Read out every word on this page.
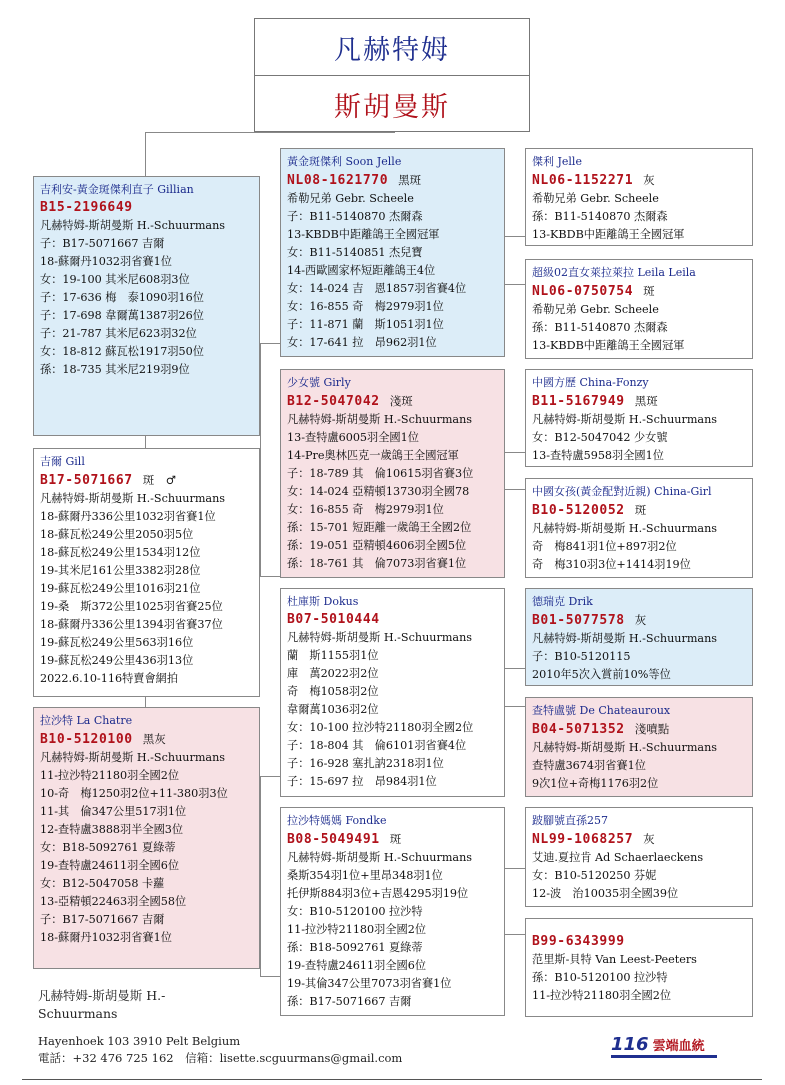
凡赫特姆
斯胡曼斯
吉利安-黃金斑傑利直子 Gillian
B15-2196649
凡赫特姆-斯胡曼斯 H.-Schuurmans
子：B17-5071667 吉爾
18-蘇爾丹1032羽省賽1位
女：19-100 其米尼608羽3位
子：17-636 梅　泰1090羽16位
子：17-698 韋爾萬1387羽26位
子：21-787 其米尼623羽32位
女：18-812 蘇瓦松1917羽50位
孫：18-735 其米尼219羽9位
吉爾 Gill
B17-5071667 斑　♂
凡赫特姆-斯胡曼斯 H.-Schuurmans
18-蘇爾丹336公里1032羽省賽1位
18-蘇瓦松249公里2050羽5位
18-蘇瓦松249公里1534羽12位
19-其米尼161公里3382羽28位
19-蘇瓦松249公里1016羽21位
19-桑　斯372公里1025羽省賽25位
18-蘇爾丹336公里1394羽省賽37位
19-蘇瓦松249公里563羽16位
19-蘇瓦松249公里436羽13位
2022.6.10-116特賣會網拍
拉沙特 La Chatre
B10-5120100 黑灰
凡赫特姆-斯胡曼斯 H.-Schuurmans
11-拉沙特21180羽全國2位
10-奇　梅1250羽2位+11-380羽3位
11-其　倫347公里517羽1位
12-查特盧3888羽半全國3位
女：B18-5092761 夏綠蒂
19-查特盧24611羽全國6位
女：B12-5047058 卡蘿
13-亞精頓22463羽全國58位
子：B17-5071667 吉爾
18-蘇爾丹1032羽省賽1位
黃金斑傑利 Soon Jelle
NL08-1621770 黑斑
希勒兄弟 Gebr. Scheele
子：B11-5140870 杰爾森
13-KBDB中距離鴿王全國冠軍
女：B11-5140851 杰兒寶
14-西歐國家杯短距離鴿王4位
女：14-024 吉　恩1857羽省賽4位
女：16-855 奇　梅2979羽1位
子：11-871 蘭　斯1051羽1位
女：17-641 拉　昂962羽1位
少女號 Girly
B12-5047042 淺斑
凡赫特姆-斯胡曼斯 H.-Schuurmans
13-查特盧6005羽全國1位
14-Pre奧林匹克一歲鴿王全國冠軍
子：18-789 其　倫10615羽省賽3位
女：14-024 亞精頓13730羽全國78
女：16-855 奇　梅2979羽1位
孫：15-701 短距離一歲鴿王全國2位
孫：19-051 亞精頓4606羽全國5位
孫：18-761 其　倫7073羽省賽1位
杜庫斯 Dokus
B07-5010444
凡赫特姆-斯胡曼斯 H.-Schuurmans
蘭　斯1155羽1位
庫　萬2022羽2位
奇　梅1058羽2位
韋爾萬1036羽2位
女：10-100 拉沙特21180羽全國2位
子：18-804 其　倫6101羽省賽4位
子：16-928 塞扎訥2318羽1位
子：15-697 拉　昂984羽1位
拉沙特媽媽 Fondke
B08-5049491 斑
凡赫特姆-斯胡曼斯 H.-Schuurmans
桑斯354羽1位+里昂348羽1位
托伊斯884羽3位+吉恩4295羽19位
女：B10-5120100 拉沙特
11-拉沙特21180羽全國2位
孫：B18-5092761 夏綠蒂
19-查特盧24611羽全國6位
19-其倫347公里7073羽省賽1位
孫：B17-5071667 吉爾
傑利 Jelle
NL06-1152271 灰
希勒兄弟 Gebr. Scheele
孫：B11-5140870 杰爾森
13-KBDB中距離鴿王全國冠軍
超級02直女萊拉萊拉 Leila Leila
NL06-0750754 斑
希勒兄弟 Gebr. Scheele
孫：B11-5140870 杰爾森
13-KBDB中距離鴿王全國冠軍
中國方歷 China-Fonzy
B11-5167949 黑斑
凡赫特姆-斯胡曼斯 H.-Schuurmans
女：B12-5047042 少女號
13-查特盧5958羽全國1位
中國女孩(黃金配對近親) China-Girl
B10-5120052 斑
凡赫特姆-斯胡曼斯 H.-Schuurmans
奇　梅841羽1位+897羽2位
奇　梅310羽3位+1414羽19位
德瑞克 Drik
B01-5077578 灰
凡赫特姆-斯胡曼斯 H.-Schuurmans
子：B10-5120115
2010年5次入賞前10%等位
查特盧號 De Chateauroux
B04-5071352 淺噴點
凡赫特姆-斯胡曼斯 H.-Schuurmans
查特盧3674羽省賽1位
9次1位+奇梅1176羽2位
跛腳號直孫257
NL99-1068257 灰
艾迪.夏拉肯 Ad Schaerlaeckens
女：B10-5120250 芬妮
12-波　治10035羽全國39位
B99-6343999
范里斯-貝特 Van Leest-Peeters
孫：B10-5120100 拉沙特
11-拉沙特21180羽全國2位
凡赫特姆-斯胡曼斯 H.-Schuurmans
Hayenhoek 103 3910 Pelt Belgium
電話：+32 476 725 162　信箱：lisette.scguurmans@gmail.com
116 雲端血統
